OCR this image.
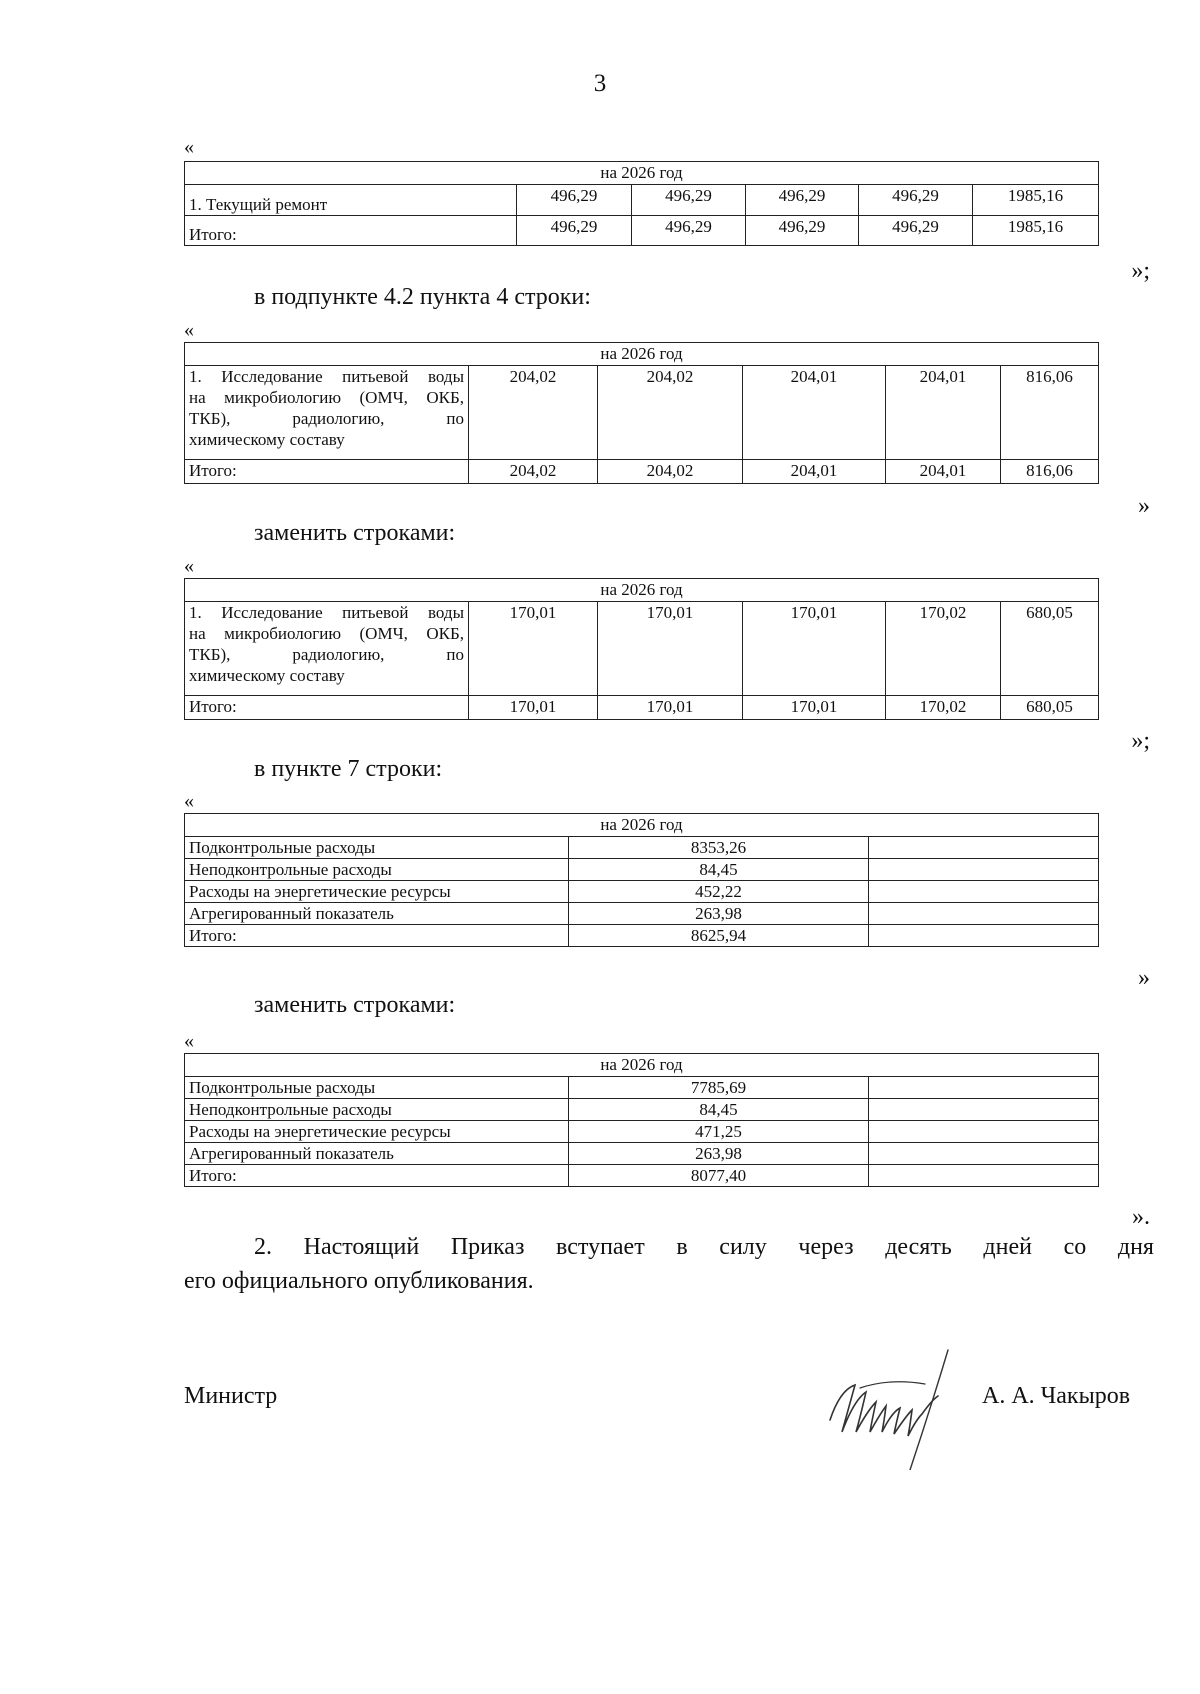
3
«
на 2026 год					
1. Текущий ремонт	496,29	496,29	496,29	496,29	1985,16
Итого:	496,29	496,29	496,29	496,29	1985,16
»;
в подпункте 4.2 пункта 4 строки:
«
на 2026 год					

1. Исследование питьевой воды
на микробиологию (ОМЧ, ОКБ,
ТКБ), радиологию, по
химическому составу	204,02	204,02	204,01	204,01	816,06
Итого:	204,02	204,02	204,01	204,01	816,06
»
заменить строками:
«
на 2026 год					

1. Исследование питьевой воды
на микробиологию (ОМЧ, ОКБ,
ТКБ), радиологию, по
химическому составу	170,01	170,01	170,01	170,02	680,05
Итого:	170,01	170,01	170,01	170,02	680,05
»;
в пункте 7 строки:
«
на 2026 год		
Подконтрольные расходы	8353,26	
Неподконтрольные расходы	84,45	
Расходы на энергетические ресурсы	452,22	
Агрегированный показатель	263,98	
Итого:	8625,94	
»
заменить строками:
«
на 2026 год		
Подконтрольные расходы	7785,69	
Неподконтрольные расходы	84,45	
Расходы на энергетические ресурсы	471,25	
Агрегированный показатель	263,98	
Итого:	8077,40	
».
2. Настоящий Приказ вступает в силу через десять дней со дня
его официального опубликования.
Министр	А. А. Чакыров
